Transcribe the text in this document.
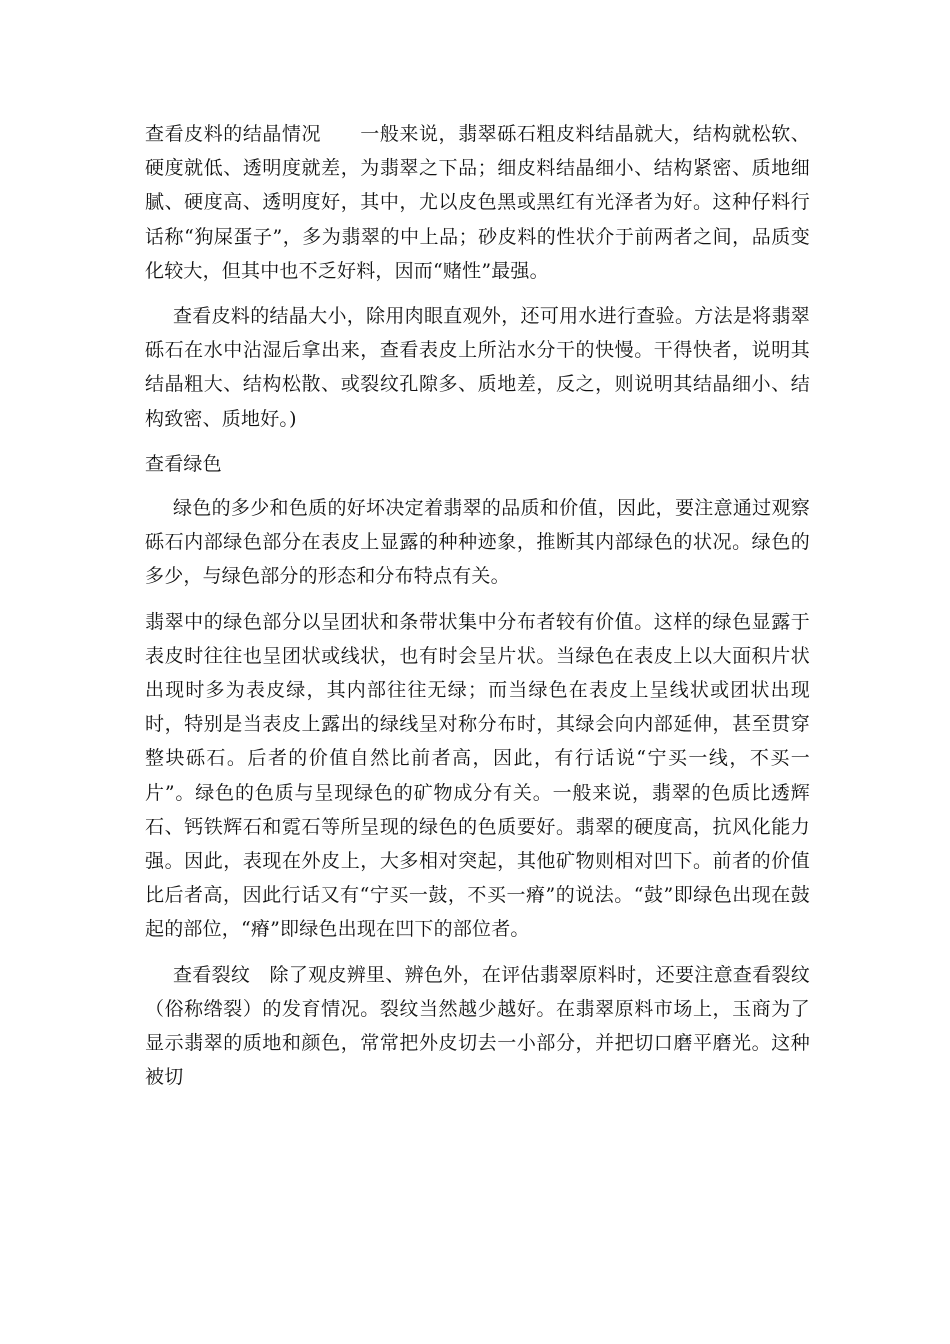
查看皮料的结晶情况　　一般来说，翡翠砾石粗皮料结晶就大，结构就松软、硬度就低、透明度就差，为翡翠之下品；细皮料结晶细小、结构紧密、质地细腻、硬度高、透明度好，其中，尤以皮色黑或黑红有光泽者为好。这种仔料行话称“狗屎蛋子”，多为翡翠的中上品；砂皮料的性状介于前两者之间，品质变化较大，但其中也不乏好料，因而“赌性”最强。

查看皮料的结晶大小，除用肉眼直观外，还可用水进行查验。方法是将翡翠砾石在水中沾湿后拿出来，查看表皮上所沾水分干的快慢。干得快者，说明其结晶粗大、结构松散、或裂纹孔隙多、质地差，反之，则说明其结晶细小、结构致密、质地好。)

查看绿色

绿色的多少和色质的好坏决定着翡翠的品质和价值，因此，要注意通过观察砾石内部绿色部分在表皮上显露的种种迹象，推断其内部绿色的状况。绿色的多少，与绿色部分的形态和分布特点有关。

翡翠中的绿色部分以呈团状和条带状集中分布者较有价值。这样的绿色显露于表皮时往往也呈团状或线状，也有时会呈片状。当绿色在表皮上以大面积片状出现时多为表皮绿，其内部往往无绿；而当绿色在表皮上呈线状或团状出现时，特别是当表皮上露出的绿线呈对称分布时，其绿会向内部延伸，甚至贯穿整块砾石。后者的价值自然比前者高，因此，有行话说“宁买一线，不买一片”。绿色的色质与呈现绿色的矿物成分有关。一般来说，翡翠的色质比透辉石、钙铁辉石和霓石等所呈现的绿色的色质要好。翡翠的硬度高，抗风化能力强。因此，表现在外皮上，大多相对突起，其他矿物则相对凹下。前者的价值比后者高，因此行话又有“宁买一鼓，不买一瘠”的说法。“鼓”即绿色出现在鼓起的部位，“瘠”即绿色出现在凹下的部位者。

查看裂纹　除了观皮辨里、辨色外，在评估翡翠原料时，还要注意查看裂纹（俗称绺裂）的发育情况。裂纹当然越少越好。在翡翠原料市场上，玉商为了显示翡翠的质地和颜色，常常把外皮切去一小部分，并把切口磨平磨光。这种被切
